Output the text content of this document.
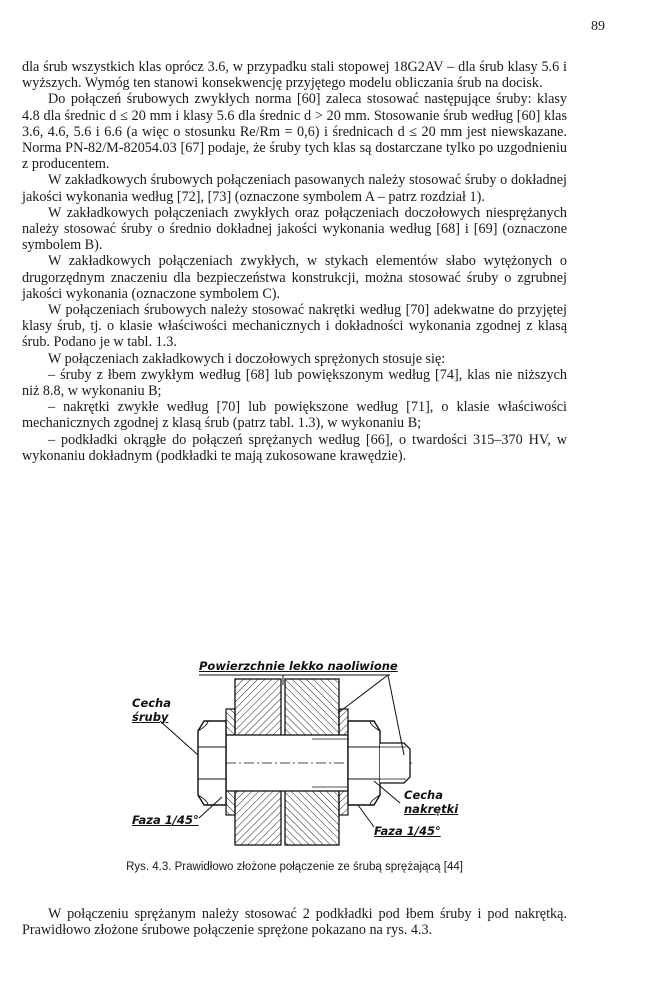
89

dla śrub wszystkich klas oprócz 3.6, w przypadku stali stopowej 18G2AV – dla śrub klasy 5.6 i wyższych. Wymóg ten stanowi konsekwencję przyjętego modelu obliczania śrub na docisk.

Do połączeń śrubowych zwykłych norma [60] zaleca stosować następujące śruby: klasy 4.8 dla średnic d ≤ 20 mm i klasy 5.6 dla średnic d > 20 mm. Stosowanie śrub według [60] klas 3.6, 4.6, 5.6 i 6.6 (a więc o stosunku Re/Rm = 0,6) i średnicach d ≤ 20 mm jest niewskazane. Norma PN-82/M-82054.03 [67] podaje, że śruby tych klas są dostarczane tylko po uzgodnieniu z producentem.

W zakładkowych śrubowych połączeniach pasowanych należy stosować śruby o dokładnej jakości wykonania według [72], [73] (oznaczone symbolem A – patrz rozdział 1).

W zakładkowych połączeniach zwykłych oraz połączeniach doczołowych niesprężanych należy stosować śruby o średnio dokładnej jakości wykonania według [68] i [69] (oznaczone symbolem B).

W zakładkowych połączeniach zwykłych, w stykach elementów słabo wytężonych o drugorzędnym znaczeniu dla bezpieczeństwa konstrukcji, można stosować śruby o zgrubnej jakości wykonania (oznaczone symbolem C).

W połączeniach śrubowych należy stosować nakrętki według [70] adekwatne do przyjętej klasy śrub, tj. o klasie właściwości mechanicznych i dokładności wykonania zgodnej z klasą śrub. Podano je w tabl. 1.3.

W połączeniach zakładkowych i doczołowych sprężonych stosuje się:

– śruby z łbem zwykłym według [68] lub powiększonym według [74], klas nie niższych niż 8.8, w wykonaniu B;

– nakrętki zwykłe według [70] lub powiększone według [71], o klasie właściwości mechanicznych zgodnej z klasą śrub (patrz tabl. 1.3), w wykonaniu B;

– podkładki okrągłe do połączeń sprężanych według [66], o twardości 315–370 HV, w wykonaniu dokładnym (podkładki te mają zukosowane krawędzie).

Powierzchnie lekko naoliwione
Cecha
śruby
Cecha
nakrętki
Faza 1/45°
Faza 1/45°
Rys. 4.3. Prawidłowo złożone połączenie ze śrubą sprężającą [44]

W połączeniu sprężanym należy stosować 2 podkładki pod łbem śruby i pod nakrętką. Prawidłowo złożone śrubowe połączenie sprężone pokazano na rys. 4.3.
